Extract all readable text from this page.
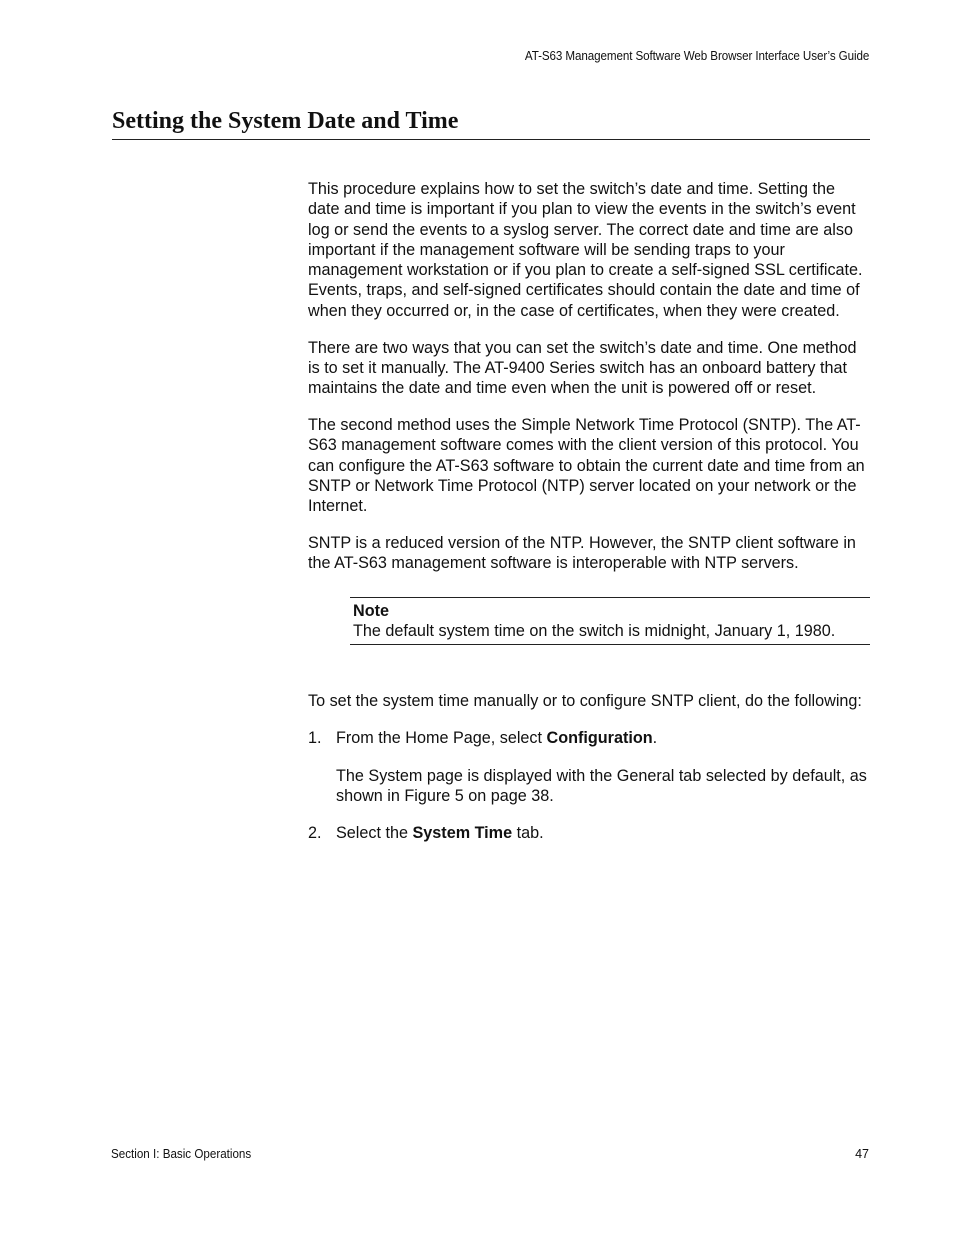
AT-S63 Management Software Web Browser Interface User’s Guide
Setting the System Date and Time

This procedure explains how to set the switch’s date and time. Setting the date and time is important if you plan to view the events in the switch’s event log or send the events to a syslog server. The correct date and time are also important if the management software will be sending traps to your management workstation or if you plan to create a self-signed SSL certificate. Events, traps, and self-signed certificates should contain the date and time of when they occurred or, in the case of certificates, when they were created.

There are two ways that you can set the switch’s date and time. One method is to set it manually. The AT-9400 Series switch has an onboard battery that maintains the date and time even when the unit is powered off or reset.

The second method uses the Simple Network Time Protocol (SNTP). The AT-S63 management software comes with the client version of this protocol. You can configure the AT-S63 software to obtain the current date and time from an SNTP or Network Time Protocol (NTP) server located on your network or the Internet.

SNTP is a reduced version of the NTP. However, the SNTP client software in the AT-S63 management software is interoperable with NTP servers.

Note
The default system time on the switch is midnight, January 1, 1980.

To set the system time manually or to configure SNTP client, do the following:

1. From the Home Page, select Configuration.
The System page is displayed with the General tab selected by default, as shown in Figure 5 on page 38.
2. Select the System Time tab.
Section I: Basic Operations	47
